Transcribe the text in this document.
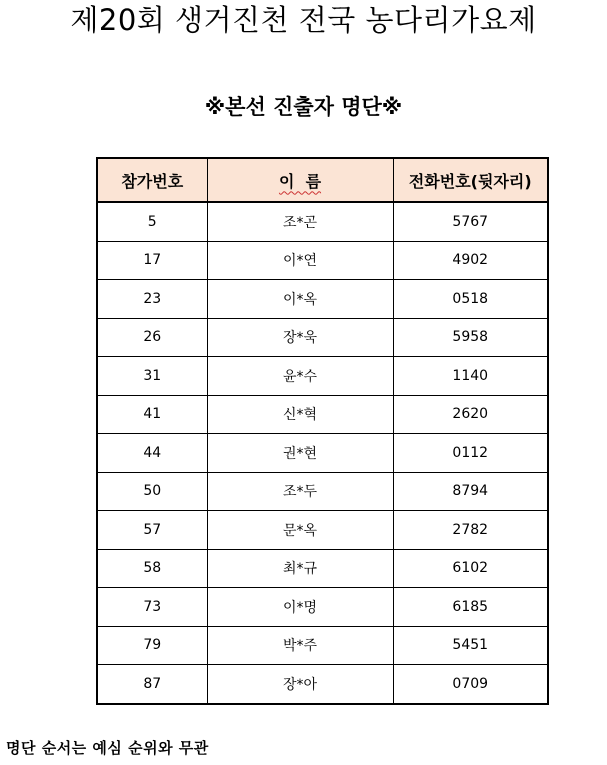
제20회 생거진천 전국 농다리가요제
※본선 진출자 명단※
참가번호	이  름	전화번호(뒷자리)
5	조*곤	5767
17	이*연	4902
23	이*옥	0518
26	장*욱	5958
31	윤*수	1140
41	신*혁	2620
44	권*현	0112
50	조*두	8794
57	문*옥	2782
58	최*규	6102
73	이*명	6185
79	박*주	5451
87	장*아	0709
명단 순서는 예심 순위와 무관
